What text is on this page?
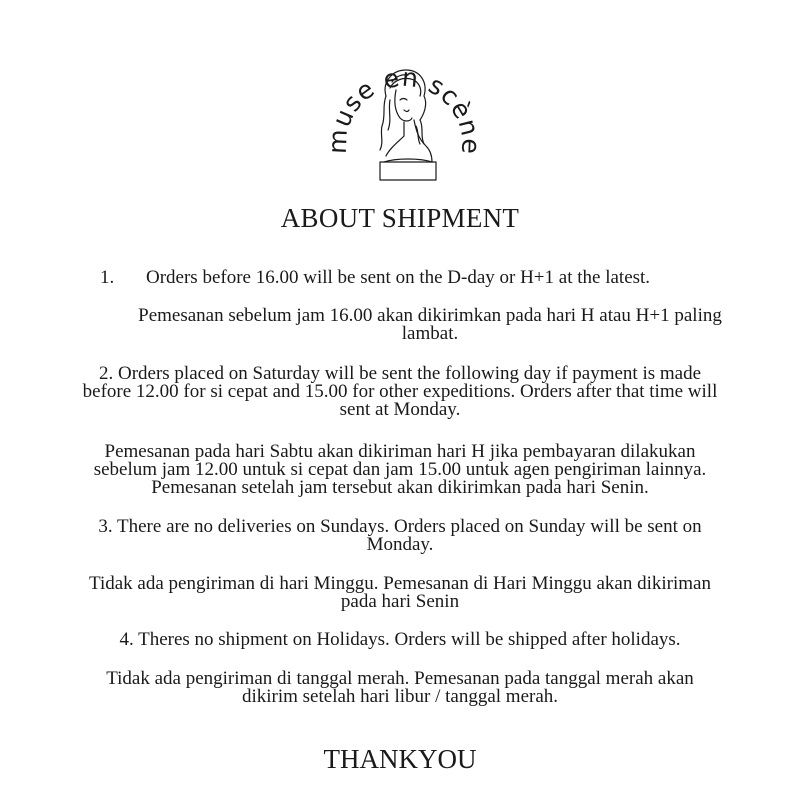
muse en scè
ABOUT SHIPMENT
1. Orders before 16.00 will be sent on the D-day or H+1 at the latest.
Pemesanan sebelum jam 16.00 akan dikirimkan pada hari H atau H+1 paling lambat.
2. Orders placed on Saturday will be sent the following day if payment is made before 12.00 for si cepat and 15.00 for other expeditions. Orders after that time will sent at Monday.
Pemesanan pada hari Sabtu akan dikiriman hari H jika pembayaran dilakukan sebelum jam 12.00 untuk si cepat dan jam 15.00 untuk agen pengiriman lainnya. Pemesanan setelah jam tersebut akan dikirimkan pada hari Senin.
3. There are no deliveries on Sundays. Orders placed on Sunday will be sent on Monday.
Tidak ada pengiriman di hari Minggu. Pemesanan di Hari Minggu akan dikiriman pada hari Senin
4. Theres no shipment on Holidays. Orders will be shipped after holidays.
Tidak ada pengiriman di tanggal merah. Pemesanan pada tanggal merah akan dikirim setelah hari libur / tanggal merah.
THANKYOU
